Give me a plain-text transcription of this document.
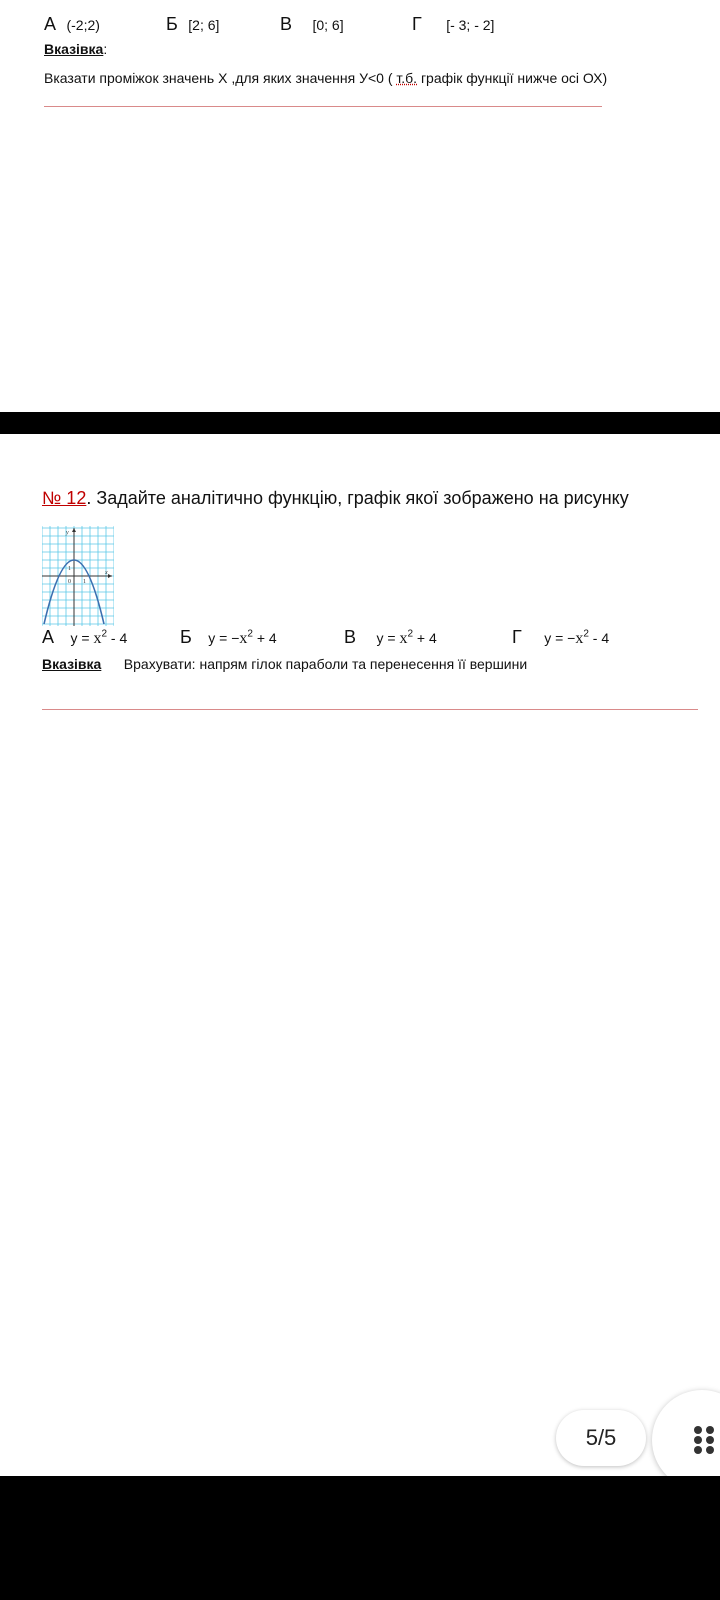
А (-2;2)	Б [2; 6]	В [0; 6]	Г [- 3; - 2]
Вказівка:
Вказати проміжок значень Х ,для яких значення У<0 ( т.б. графік функції нижче осі ОХ)
№ 12. Задайте аналітично функцію, графік якої зображено на рисунку
y
x
0 1
1
А $y = x^2 - 4$	Б $y = -x^2 + 4$	В $y = x^2 + 4$	Г $y = -x^2 - 4$
Вказівка Врахувати: напрям гілок параболи та перенесення її вершини
5/5
